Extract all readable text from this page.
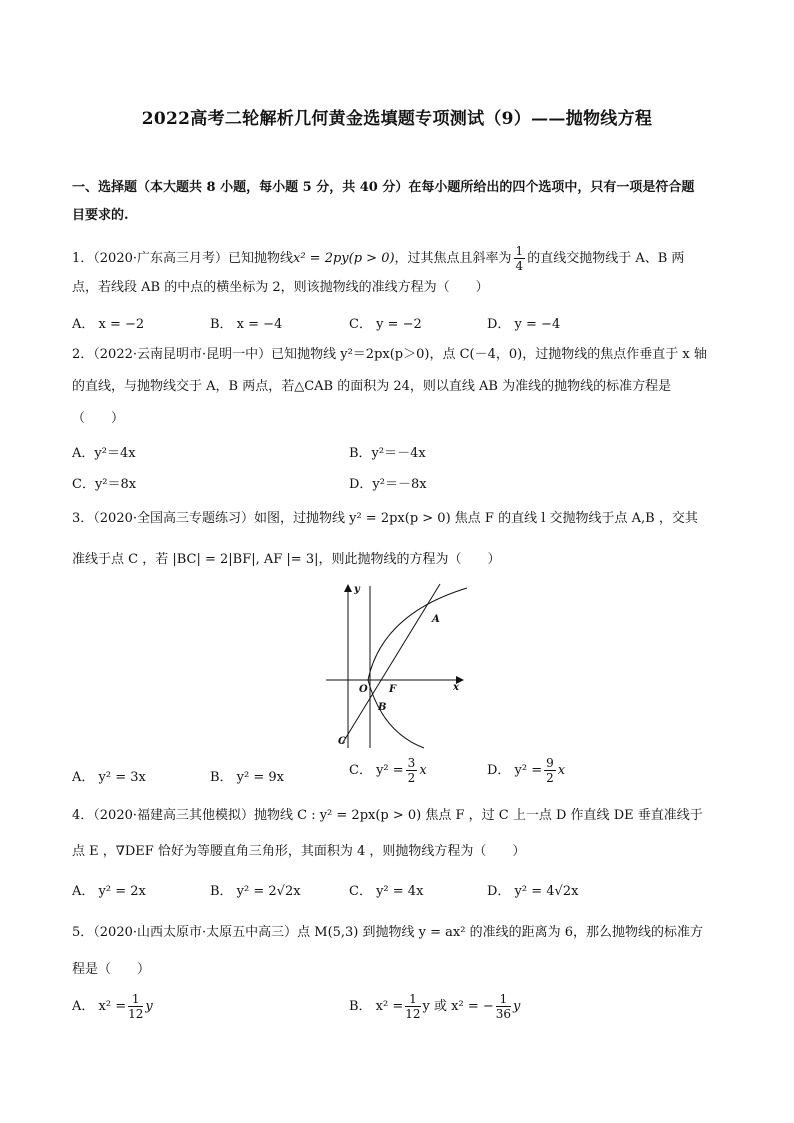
2022高考二轮解析几何黄金选填题专项测试（9）——抛物线方程
一、选择题（本大题共 8 小题，每小题 5 分，共 40 分）在每小题所给出的四个选项中，只有一项是符合题
目要求的.
1．（2020·广东高三月考）已知抛物线x² = 2py(p > 0)，过其焦点且斜率为 $\frac{1}{4}$ 的直线交抛物线于 A、B 两
点，若线段 AB 的中点的横坐标为 2，则该抛物线的准线方程为（　　）
A． x = −2	B． x = −4	C． y = −2	D． y = −4
2．（2022·云南昆明市·昆明一中）已知抛物线 y²＝2px(p＞0)，点 C(－4，0)，过抛物线的焦点作垂直于 x 轴
的直线，与抛物线交于 A，B 两点，若△CAB 的面积为 24，则以直线 AB 为准线的抛物线的标准方程是
（　　）
A．y²＝4x	B．y²＝－4x
C．y²＝8x	D．y²＝－8x
3．（2020·全国高三专题练习）如图，过抛物线 y² = 2px(p > 0) 焦点 F 的直线 l 交抛物线于点 A,B ，交其
准线于点 C ，若 |BC| = 2|BF|, AF |= 3|，则此抛物线的方程为（　　）
y
x
O F
A
B
C
A． y² = 3x	B． y² = 9x	C． $y^2 = \frac{3}{2}$ x	D． $y^2 = \frac{9}{2}$ x
4．（2020·福建高三其他模拟）抛物线 C : y² = 2px(p > 0) 焦点 F ，过 C 上一点 D 作直线 DE 垂直准线于
点 E ，∇DEF 恰好为等腰直角三角形，其面积为 4 ，则抛物线方程为（　　）
A． y² = 2x	B． y² = 2√2x	C． y² = 4x	D． y² = 4√2x
5．（2020·山西太原市·太原五中高三）点 M(5,3) 到抛物线 y = ax² 的准线的距离为 6，那么抛物线的标准方
程是（　　）
A． $x^2 = \frac{1}{12}$ y	B． $x^2 = \frac{1}{12}$ y 或 x² = − $\frac{1}{36}$ y
